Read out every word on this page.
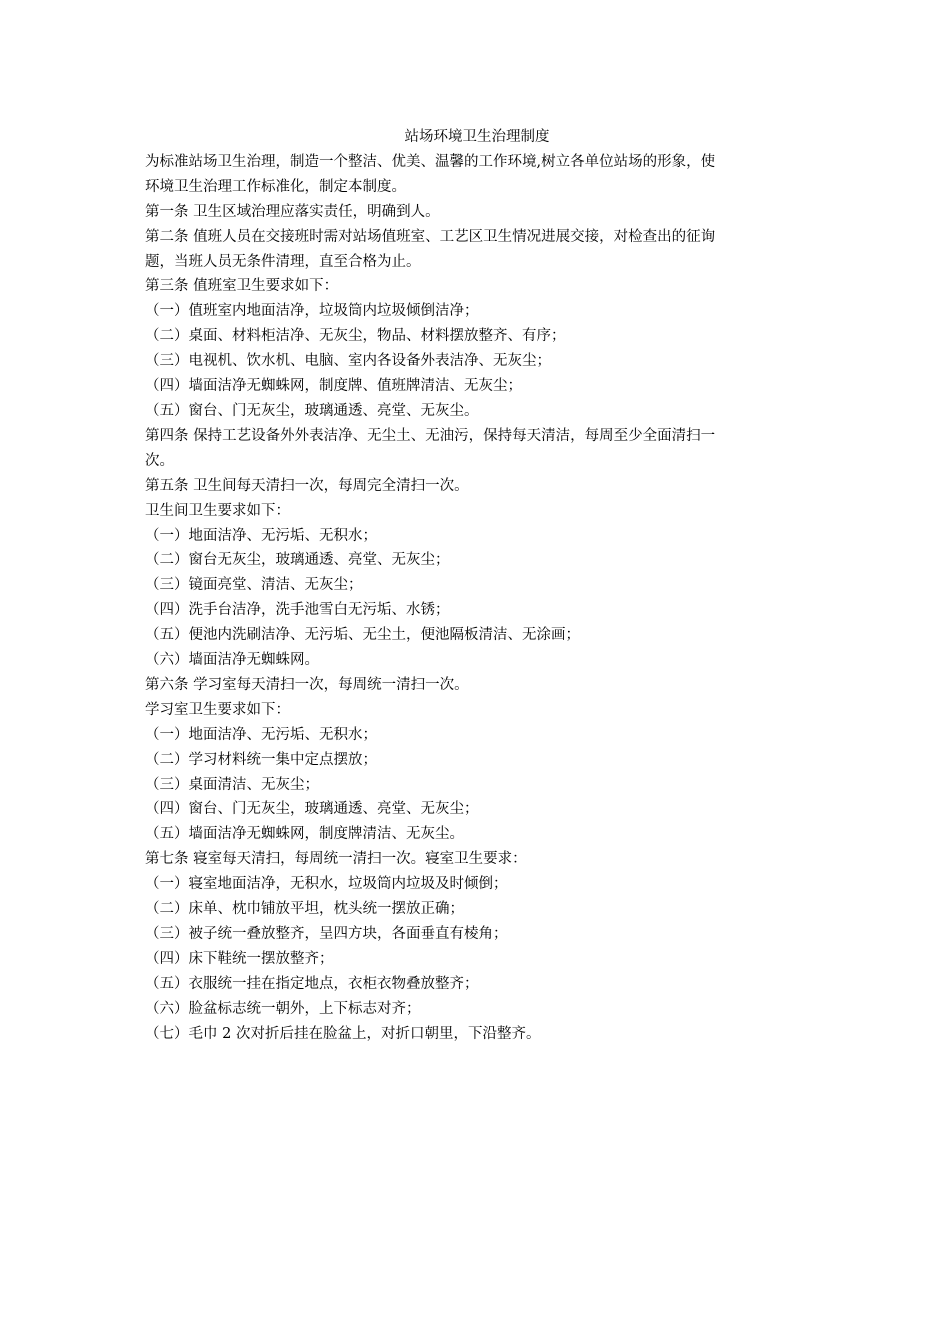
站场环境卫生治理制度

为标准站场卫生治理，制造一个整洁、优美、温馨的工作环境,树立各单位站场的形象，使

环境卫生治理工作标准化，制定本制度。

第一条 卫生区域治理应落实责任，明确到人。

第二条 值班人员在交接班时需对站场值班室、工艺区卫生情况进展交接，对检查出的征询

题，当班人员无条件清理，直至合格为止。

第三条 值班室卫生要求如下：

（一）值班室内地面洁净，垃圾筒内垃圾倾倒洁净；

（二）桌面、材料柜洁净、无灰尘，物品、材料摆放整齐、有序；

（三）电视机、饮水机、电脑、室内各设备外表洁净、无灰尘；

（四）墙面洁净无蜘蛛网，制度牌、值班牌清洁、无灰尘；

（五）窗台、门无灰尘，玻璃通透、亮堂、无灰尘。

第四条 保持工艺设备外外表洁净、无尘土、无油污，保持每天清洁，每周至少全面清扫一

次。

第五条 卫生间每天清扫一次，每周完全清扫一次。

卫生间卫生要求如下：

（一）地面洁净、无污垢、无积水；

（二）窗台无灰尘，玻璃通透、亮堂、无灰尘；

（三）镜面亮堂、清洁、无灰尘；

（四）洗手台洁净，洗手池雪白无污垢、水锈；

（五）便池内洗刷洁净、无污垢、无尘土，便池隔板清洁、无涂画；

（六）墙面洁净无蜘蛛网。

第六条 学习室每天清扫一次，每周统一清扫一次。

学习室卫生要求如下：

（一）地面洁净、无污垢、无积水；

（二）学习材料统一集中定点摆放；

（三）桌面清洁、无灰尘；

（四）窗台、门无灰尘，玻璃通透、亮堂、无灰尘；

（五）墙面洁净无蜘蛛网，制度牌清洁、无灰尘。

第七条 寝室每天清扫，每周统一清扫一次。寝室卫生要求：

（一）寝室地面洁净，无积水，垃圾筒内垃圾及时倾倒；

（二）床单、枕巾铺放平坦，枕头统一摆放正确；

（三）被子统一叠放整齐，呈四方块，各面垂直有棱角；

（四）床下鞋统一摆放整齐；

（五）衣服统一挂在指定地点，衣柜衣物叠放整齐；

（六）脸盆标志统一朝外，上下标志对齐；

（七）毛巾 2 次对折后挂在脸盆上，对折口朝里，下沿整齐。
